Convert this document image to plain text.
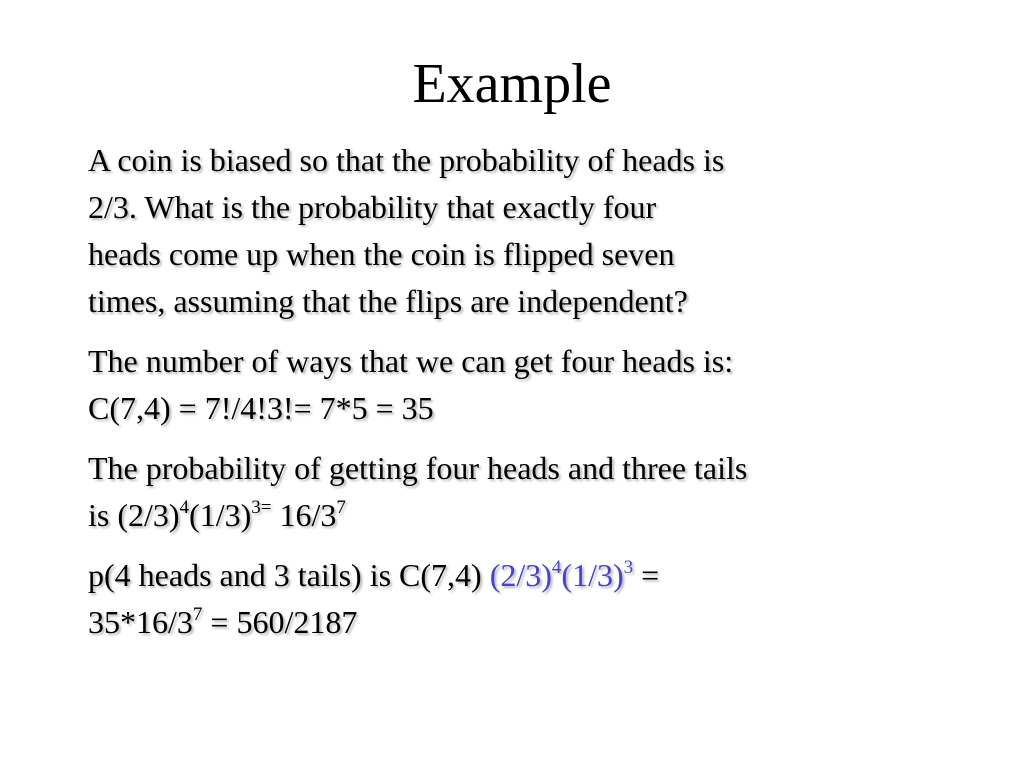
Example
A coin is biased so that the probability of heads is
2/3. What is the probability that exactly four
heads come up when the coin is flipped seven
times, assuming that the flips are independent?
The number of ways that we can get four heads is:
C(7,4) = 7!/4!3!= 7*5 = 35
The probability of getting four heads and three tails
is $(2/3)^4(1/3)^{3=}$ $16/3^7$
p(4 heads and 3 tails) is C(7,4) $(2/3)^4(1/3)^3$ =
$35*16/3^7 = 560/2187$
